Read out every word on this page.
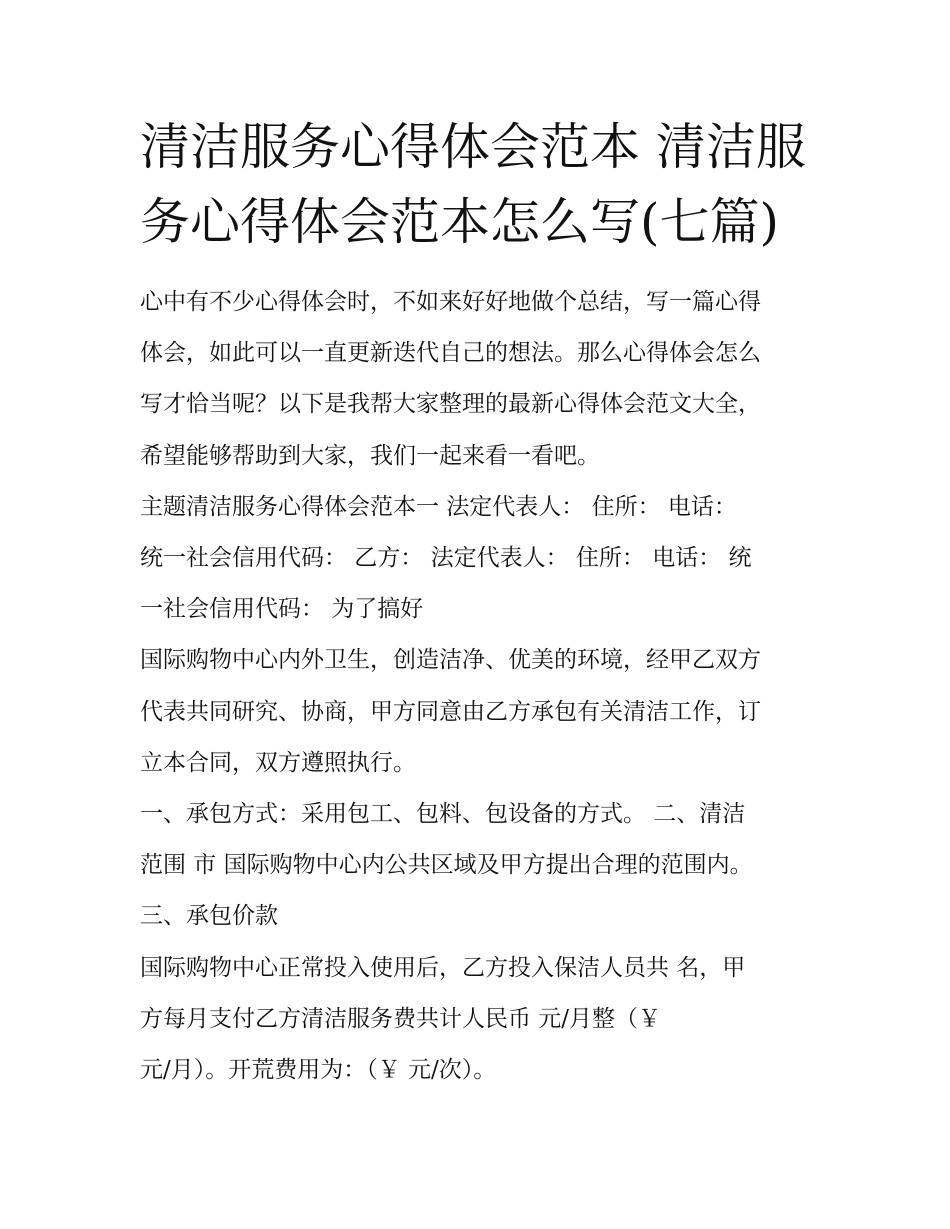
清洁服务心得体会范本 清洁服
务心得体会范本怎么写(七篇)

心中有不少心得体会时，不如来好好地做个总结，写一篇心得
体会，如此可以一直更新迭代自己的想法。那么心得体会怎么
写才恰当呢？以下是我帮大家整理的最新心得体会范文大全，
希望能够帮助到大家，我们一起来看一看吧。

主题清洁服务心得体会范本一 法定代表人： 住所： 电话：
统一社会信用代码： 乙方： 法定代表人： 住所： 电话： 统
一社会信用代码： 为了搞好

国际购物中心内外卫生，创造洁净、优美的环境，经甲乙双方
代表共同研究、协商，甲方同意由乙方承包有关清洁工作，订
立本合同，双方遵照执行。

一、承包方式：采用包工、包料、包设备的方式。 二、清洁
范围 市 国际购物中心内公共区域及甲方提出合理的范围内。
三、承包价款

国际购物中心正常投入使用后，乙方投入保洁人员共 名，甲
方每月支付乙方清洁服务费共计人民币 元/月整（￥
元/月）。开荒费用为：（￥ 元/次）。
